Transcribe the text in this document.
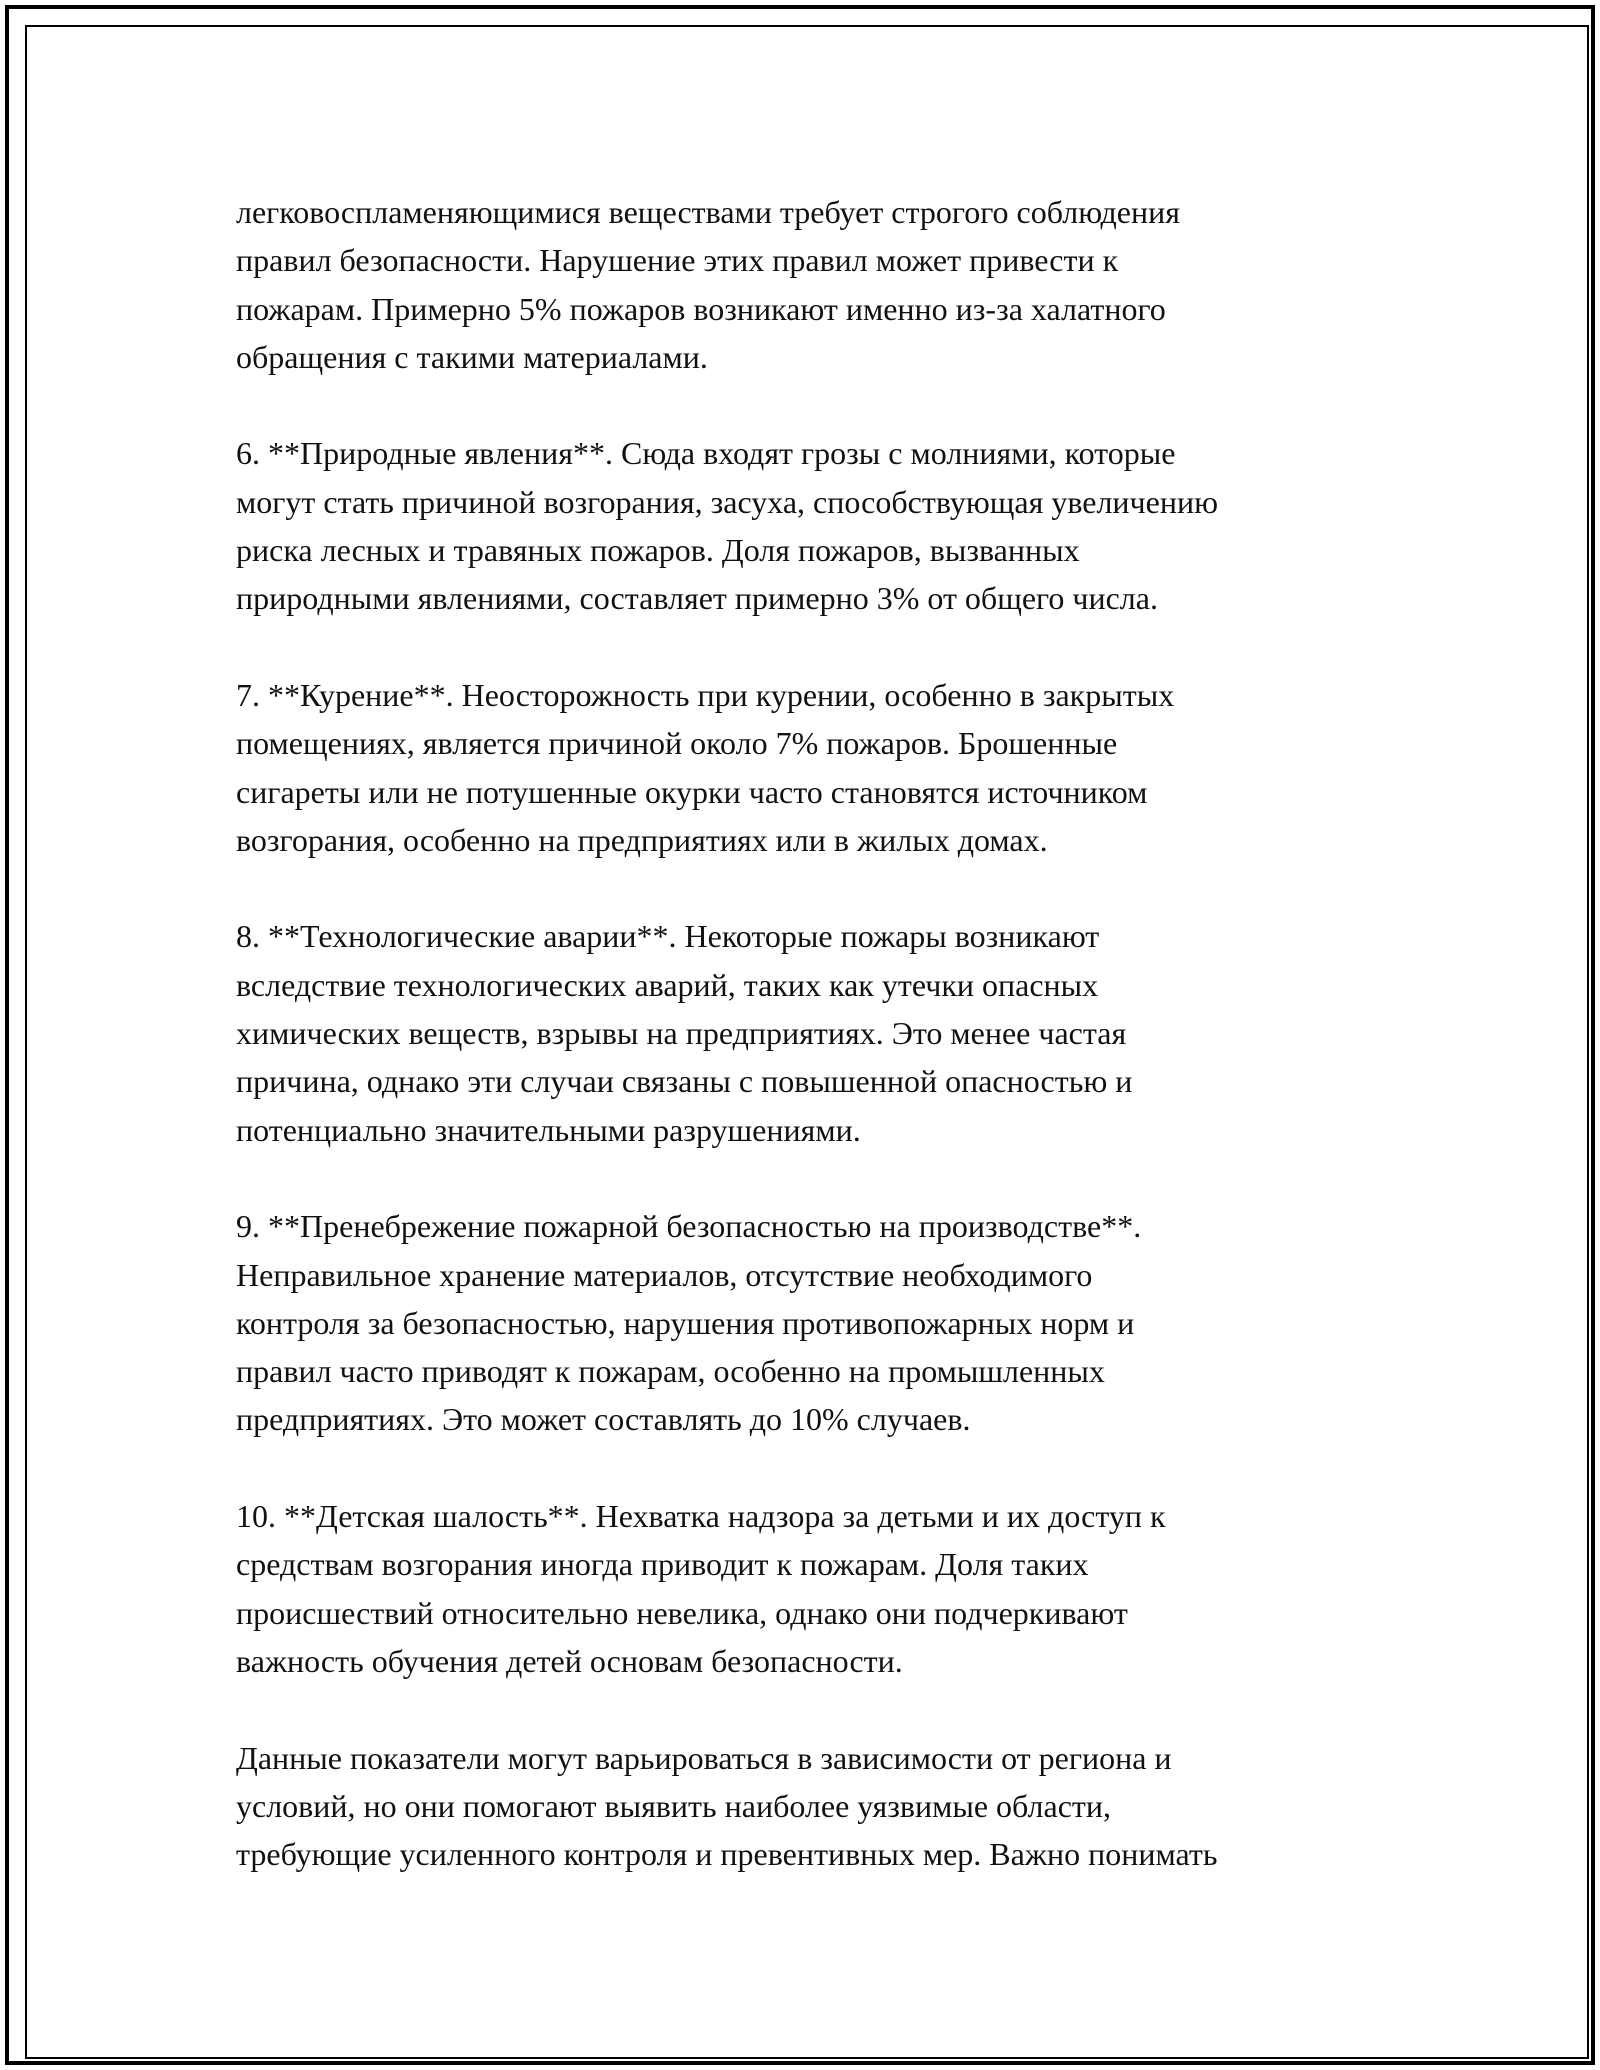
легковоспламеняющимися веществами требует строгого соблюдения
правил безопасности. Нарушение этих правил может привести к
пожарам. Примерно 5% пожаров возникают именно из-за халатного
обращения с такими материалами.

6. **Природные явления**. Сюда входят грозы с молниями, которые
могут стать причиной возгорания, засуха, способствующая увеличению
риска лесных и травяных пожаров. Доля пожаров, вызванных
природными явлениями, составляет примерно 3% от общего числа.

7. **Курение**. Неосторожность при курении, особенно в закрытых
помещениях, является причиной около 7% пожаров. Брошенные
сигареты или не потушенные окурки часто становятся источником
возгорания, особенно на предприятиях или в жилых домах.

8. **Технологические аварии**. Некоторые пожары возникают
вследствие технологических аварий, таких как утечки опасных
химических веществ, взрывы на предприятиях. Это менее частая
причина, однако эти случаи связаны с повышенной опасностью и
потенциально значительными разрушениями.

9. **Пренебрежение пожарной безопасностью на производстве**.
Неправильное хранение материалов, отсутствие необходимого
контроля за безопасностью, нарушения противопожарных норм и
правил часто приводят к пожарам, особенно на промышленных
предприятиях. Это может составлять до 10% случаев.

10. **Детская шалость**. Нехватка надзора за детьми и их доступ к
средствам возгорания иногда приводит к пожарам. Доля таких
происшествий относительно невелика, однако они подчеркивают
важность обучения детей основам безопасности.

Данные показатели могут варьироваться в зависимости от региона и
условий, но они помогают выявить наиболее уязвимые области,
требующие усиленного контроля и превентивных мер. Важно понимать
